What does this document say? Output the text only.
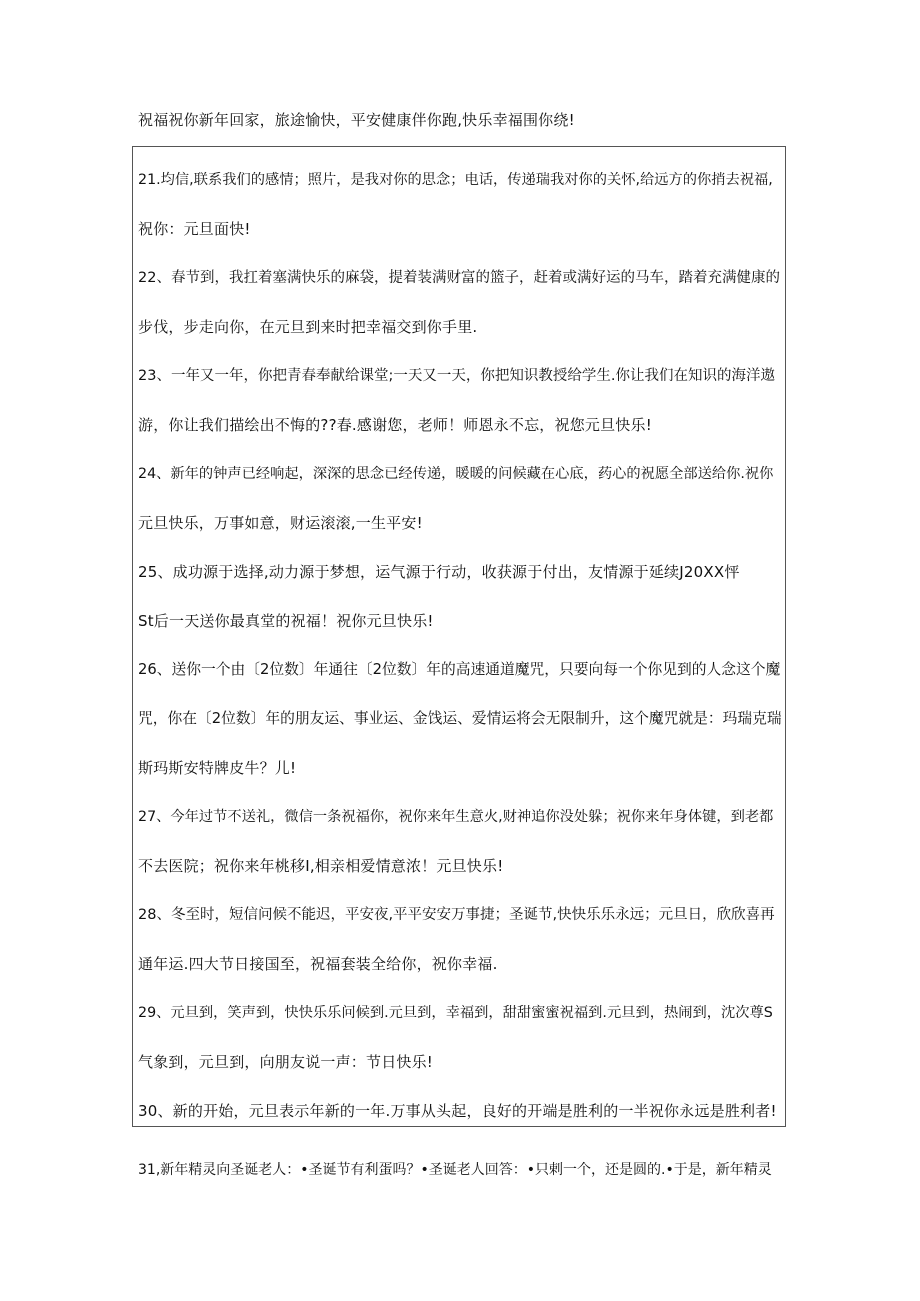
祝福祝你新年回家，旅途愉快，平安健康伴你跑,快乐幸福围你绕!
21.均信,联系我们的感情；照片，是我对你的思念；电话，传递瑞我对你的关怀,给远方的你捎去祝福,
祝你：元旦面快!
22、春节到，我扛着塞满快乐的麻袋，提着装满财富的篮子，赶着或满好运的马车，踏着充满健康的
步伐，步走向你，在元旦到来时把幸福交到你手里.
23、一年又一年，你把青春奉献给课堂;一天又一天，你把知识教授给学生.你让我们在知识的海洋遨
游，你让我们描绘出不悔的??春.感谢您，老师！师恩永不忘，祝您元旦快乐!
24、新年的钟声已经响起，深深的思念已经传递，暖暖的问候藏在心底，药心的祝愿全部送给你.祝你
元旦快乐，万事如意，财运滚滚,一生平安!
25、成功源于选择,动力源于梦想，运气源于行动，收获源于付出，友情源于延续J20XX怦
St后一天送你最真堂的祝福！祝你元旦快乐!
26、送你一个由〔2位数〕年通往〔2位数〕年的高速通道魔咒，只要向每一个你见到的人念这个魔
咒，你在〔2位数〕年的朋友运、事业运、金饯运、爱情运将会无限制升，这个魔咒就是：玛瑞克瑞
斯玛斯安特牌皮牛？儿!
27、今年过节不送礼，微信一条祝福你，祝你来年生意火,财神追你没处躲；祝你来年身体键，到老都
不去医院；祝你来年桃移I,相亲相爱情意浓！元旦快乐!
28、冬至时，短信问候不能迟，平安夜,平平安安万事捷；圣诞节,快快乐乐永远；元旦日，欣欣喜再
通年运.四大节日接国至，祝福套装全给你，祝你幸福.
29、元旦到，笑声到，快快乐乐问候到.元旦到，幸福到，甜甜蜜蜜祝福到.元旦到，热闹到，沈次尊S
气象到，元旦到，向朋友说一声：节日快乐!
30、新的开始，元旦表示年新的一年.万事从头起，良好的开端是胜利的一半祝你永远是胜利者!
31,新年精灵向圣诞老人：•圣诞节有利蛋吗？•圣诞老人回答：•只剌一个，还是圆的.•于是，新年精灵
